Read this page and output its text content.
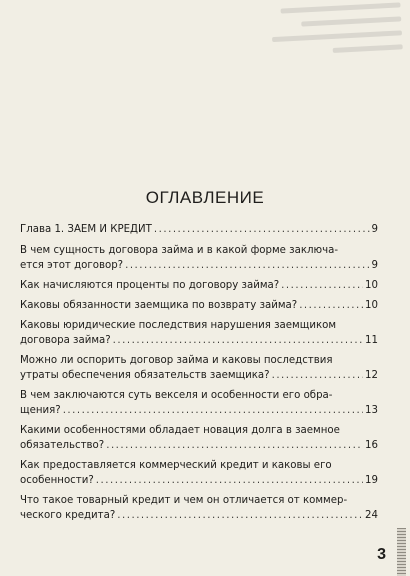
ОГЛАВЛЕНИЕ
Глава 1. ЗАЕМ И КРЕДИТ .....	9
В чем сущность договора займа и в какой форме заключа-
ется этот договор? .....	9
Как начисляются проценты по договору займа? .....	10
Каковы обязанности заемщика по возврату займа? .....	10
Каковы юридические последствия нарушения заемщиком
договора займа? .....	11
Можно ли оспорить договор займа и каковы последствия
утраты обеспечения обязательств заемщика? .....	12
В чем заключаются суть векселя и особенности его обра-
щения? .....	13
Какими особенностями обладает новация долга в заемное
обязательство? .....	16
Как предоставляется коммерческий кредит и каковы его
особенности? .....	19
Что такое товарный кредит и чем он отличается от коммер-
ческого кредита? .....	24
3
